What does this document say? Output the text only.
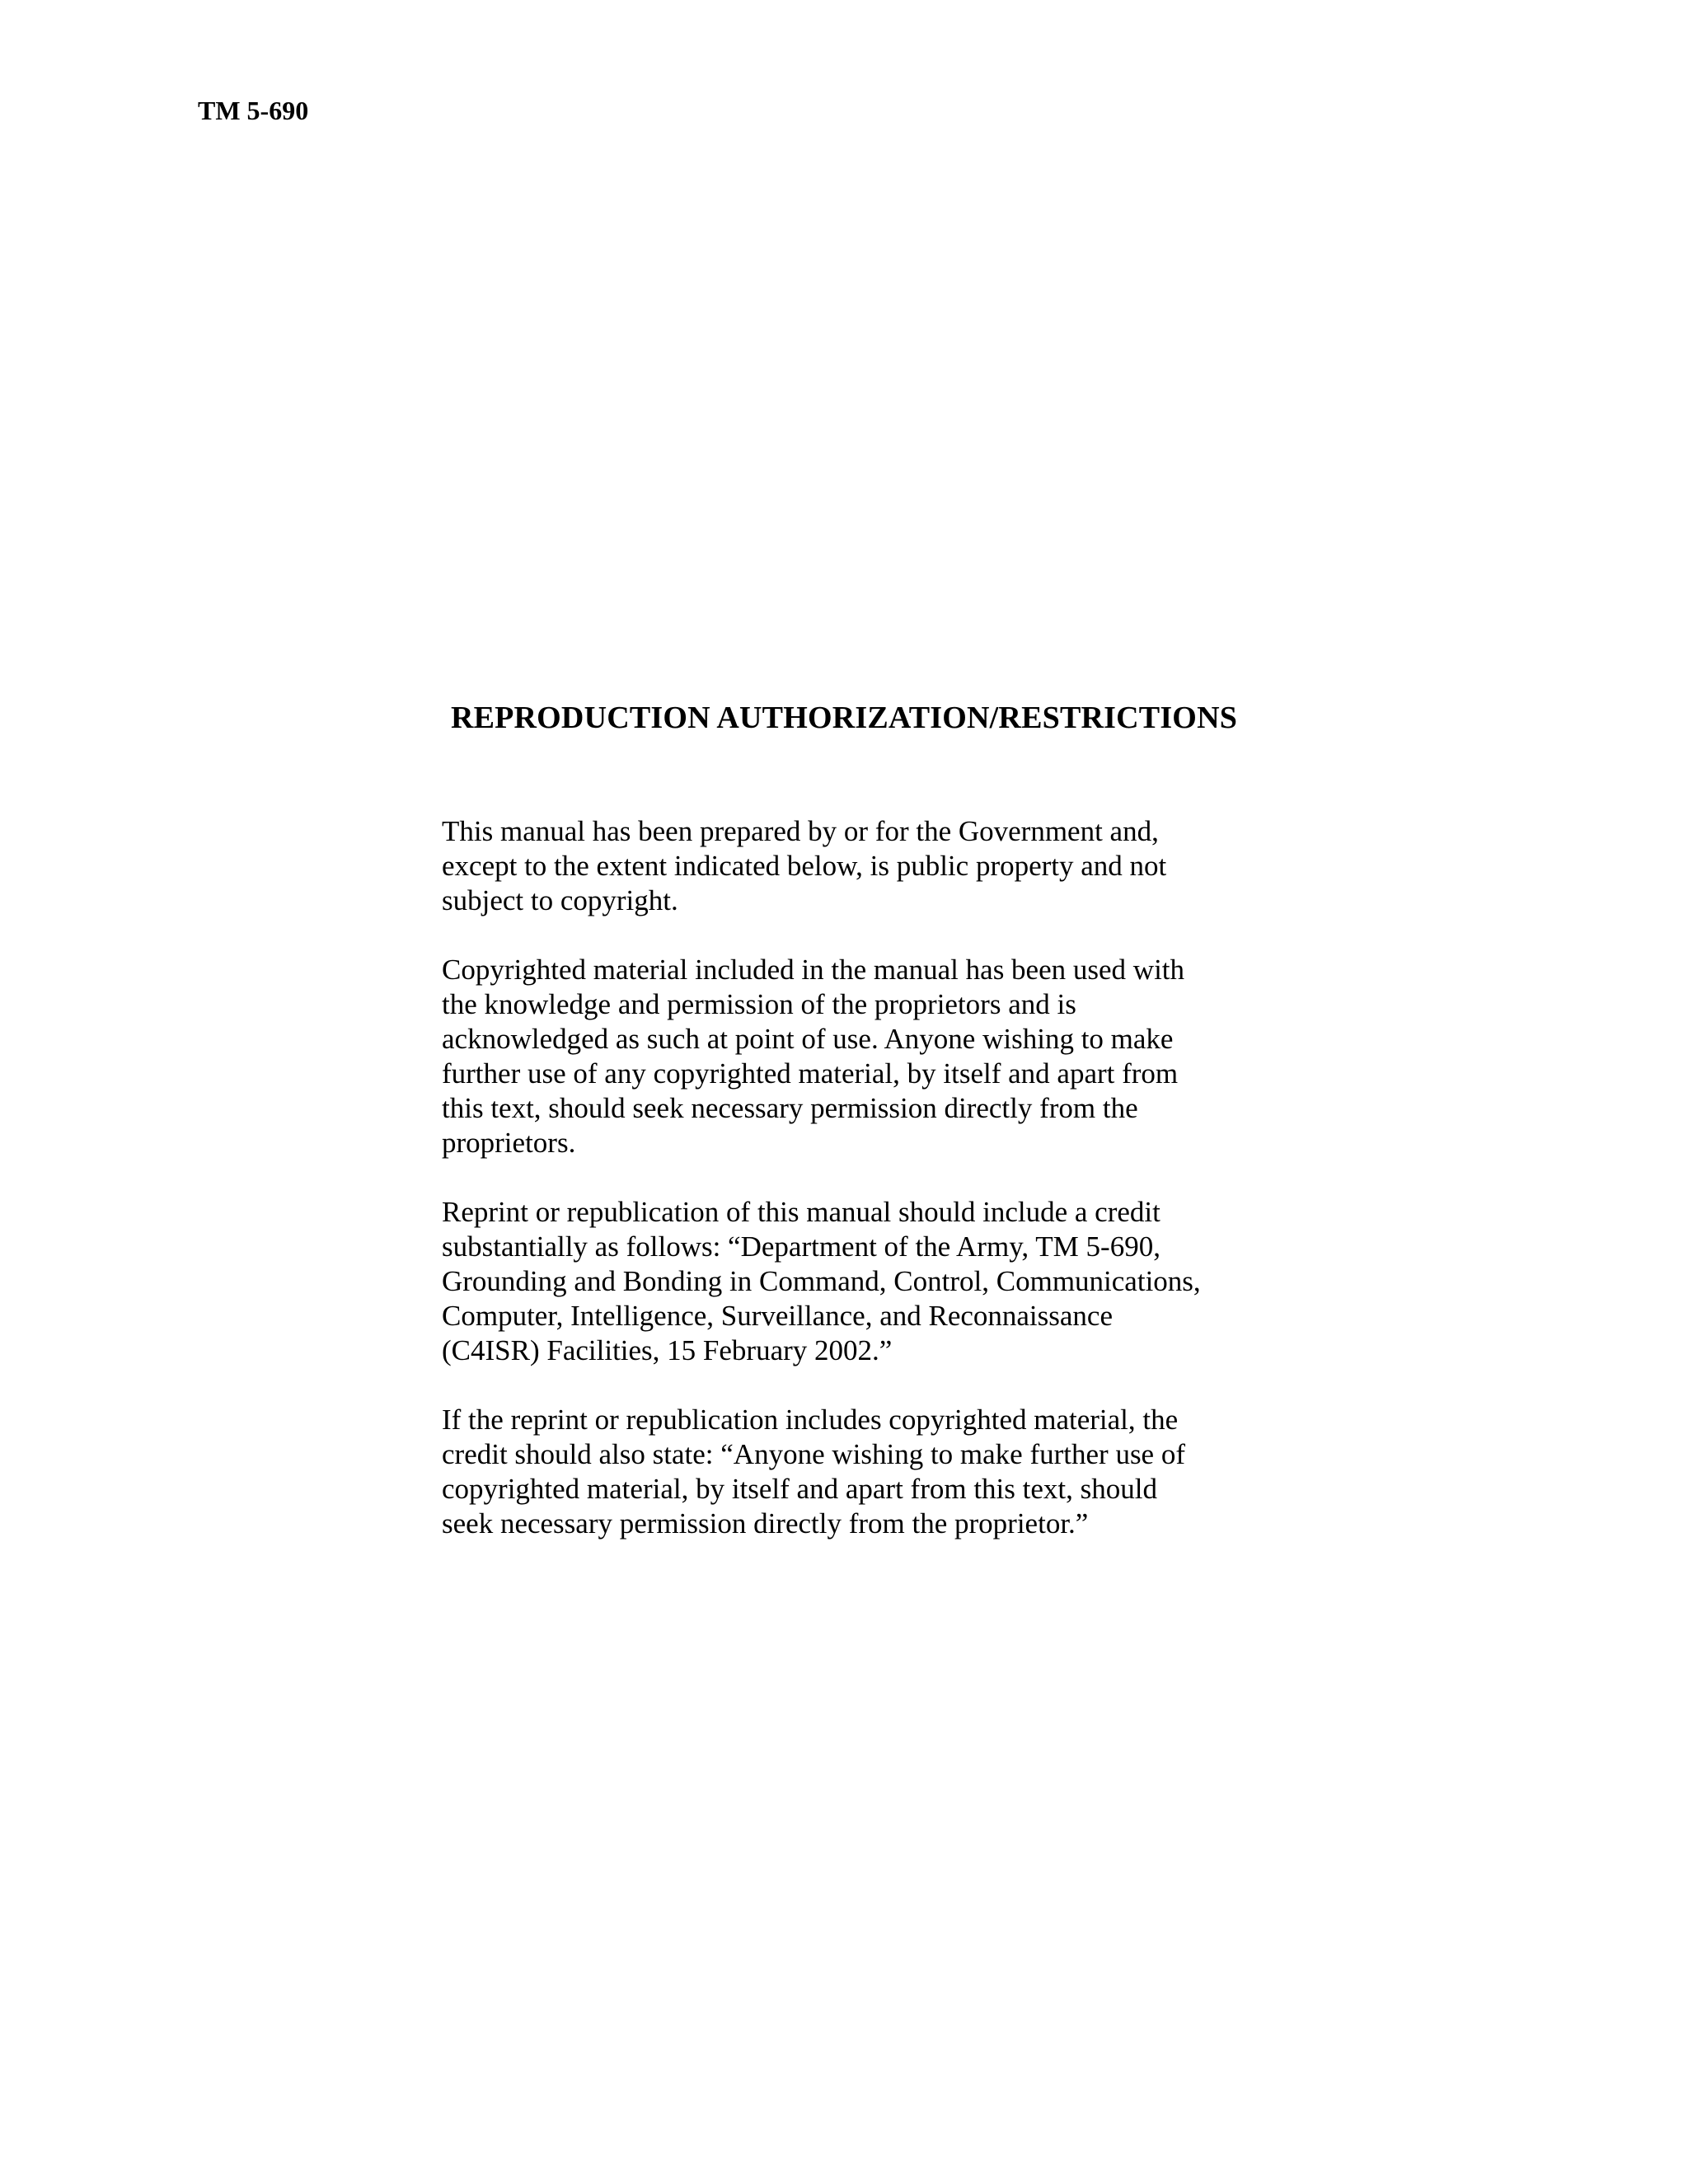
TM 5-690
REPRODUCTION AUTHORIZATION/RESTRICTIONS

This manual has been prepared by or for the Government and,
except to the extent indicated below, is public property and not
subject to copyright.

Copyrighted material included in the manual has been used with
the knowledge and permission of the proprietors and is
acknowledged as such at point of use. Anyone wishing to make
further use of any copyrighted material, by itself and apart from
this text, should seek necessary permission directly from the
proprietors.

Reprint or republication of this manual should include a credit
substantially as follows: “Department of the Army, TM 5-690,
Grounding and Bonding in Command, Control, Communications,
Computer, Intelligence, Surveillance, and Reconnaissance
(C4ISR) Facilities, 15 February 2002.”

If the reprint or republication includes copyrighted material, the
credit should also state: “Anyone wishing to make further use of
copyrighted material, by itself and apart from this text, should
seek necessary permission directly from the proprietor.”
